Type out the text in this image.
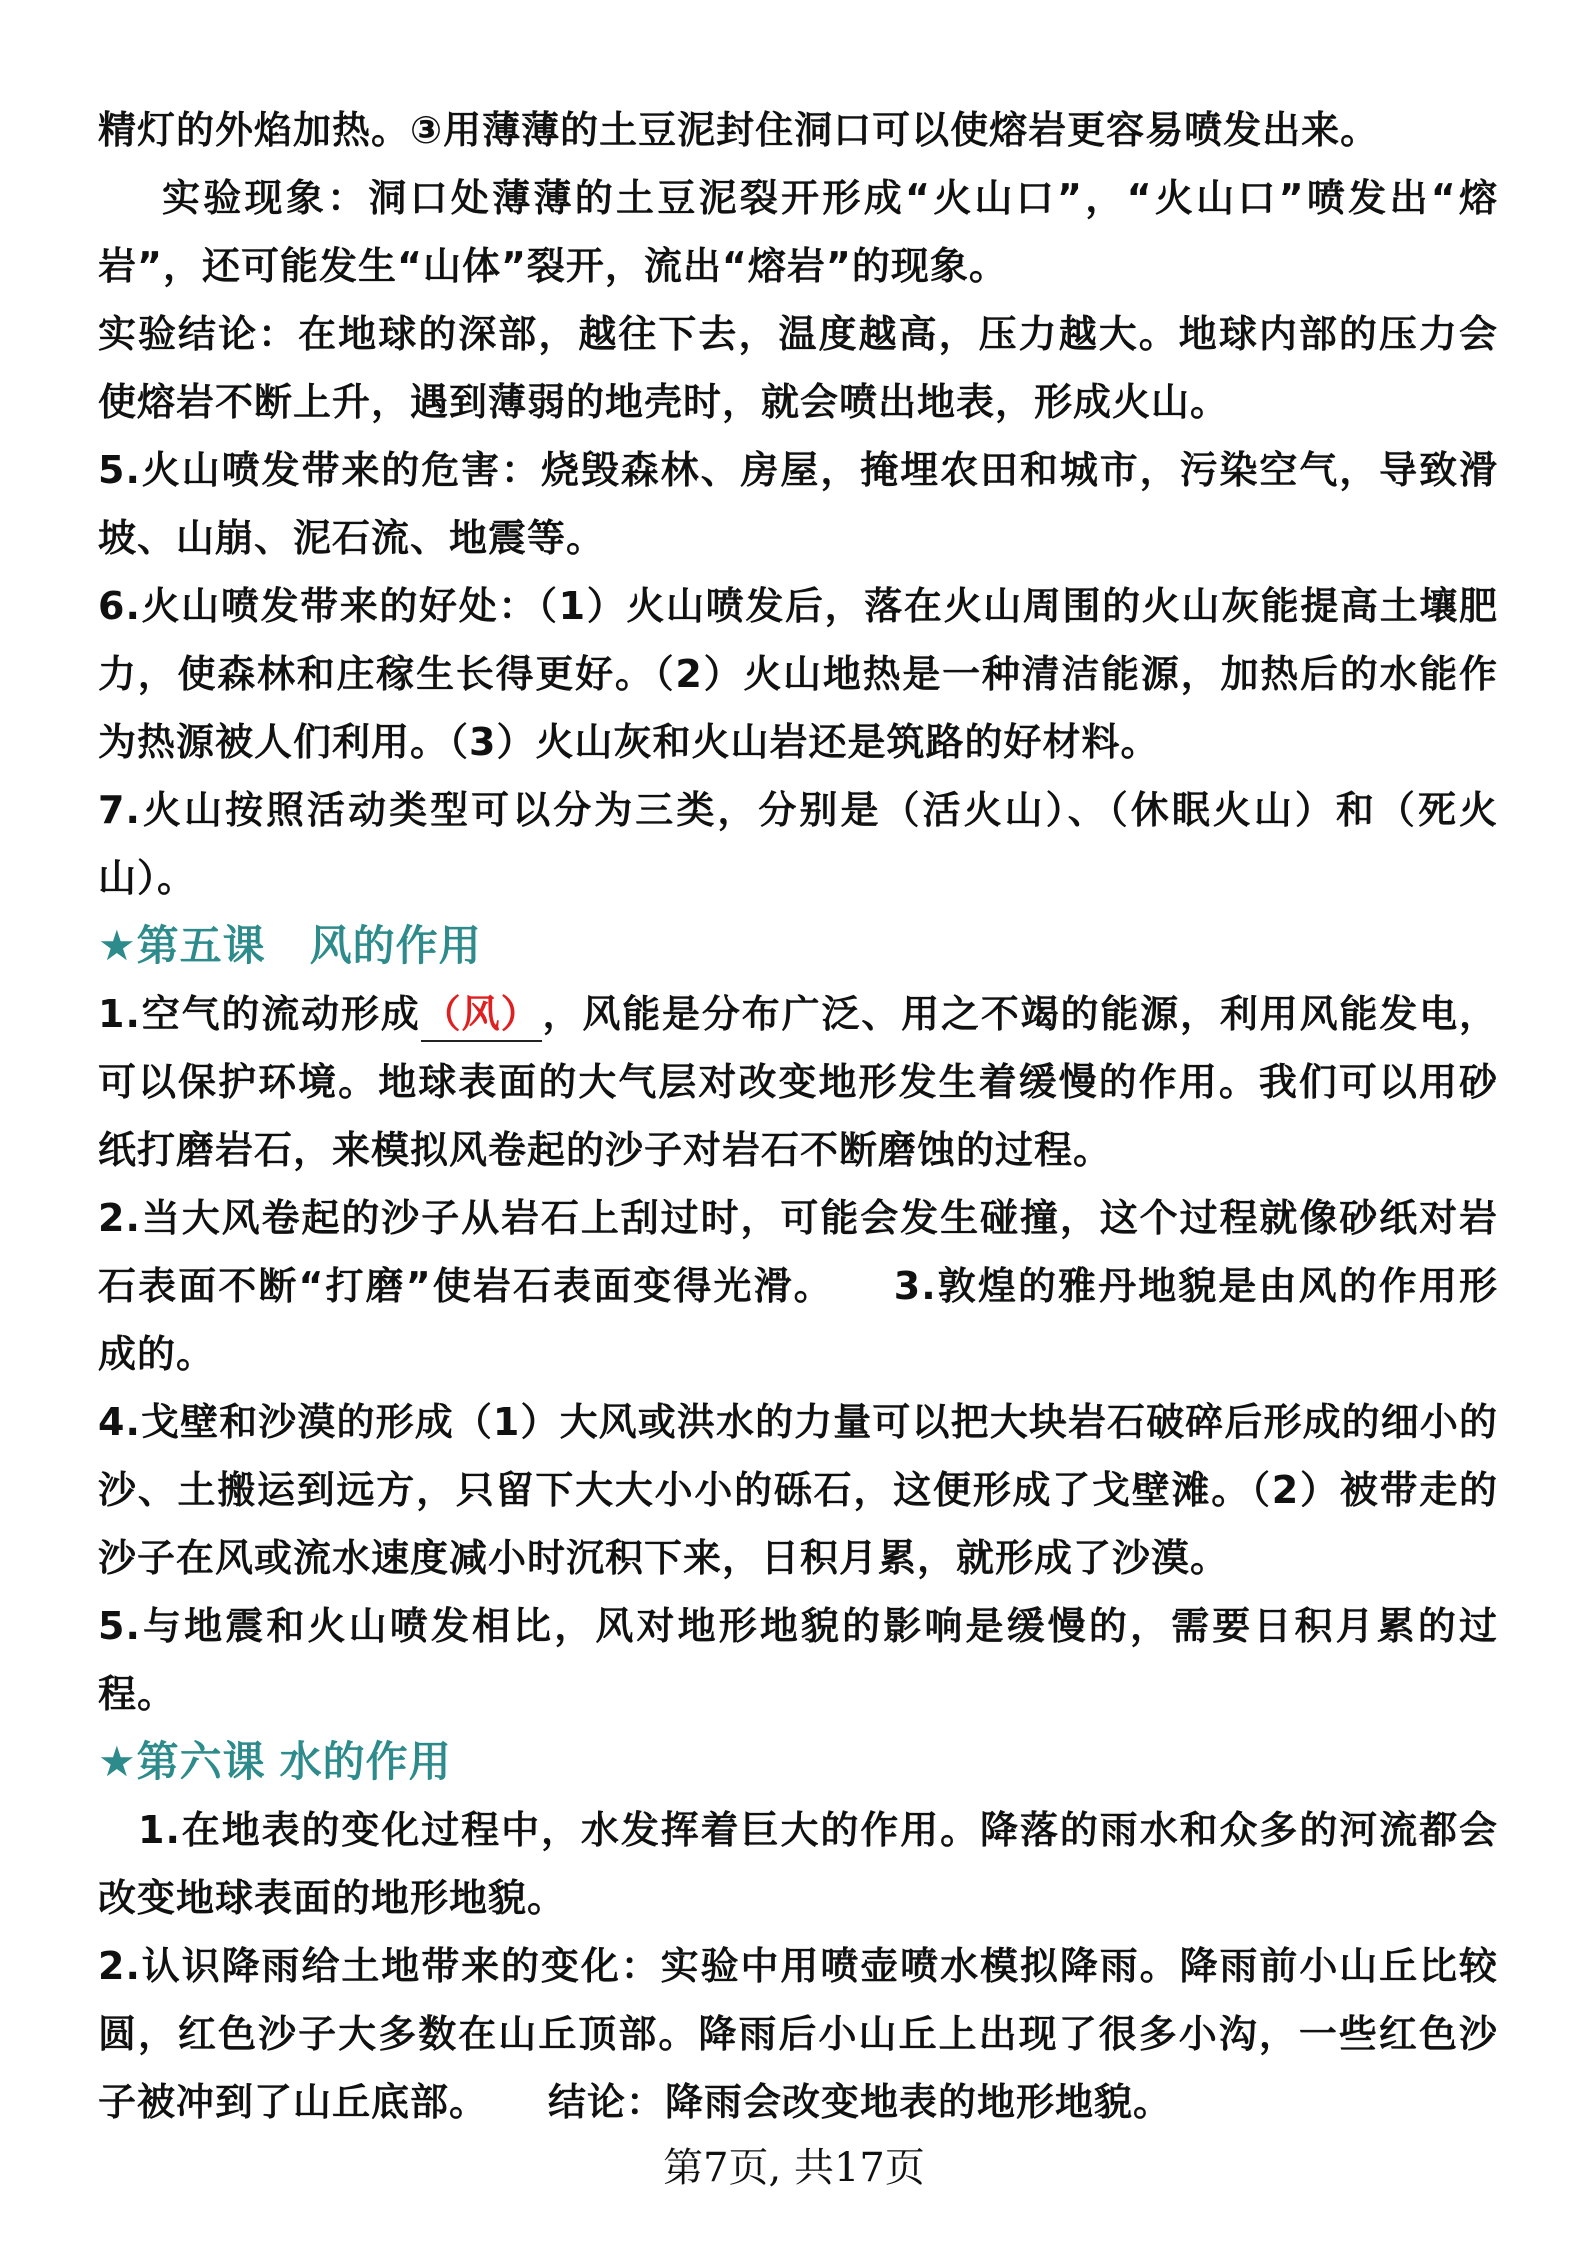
精灯的外焰加热。③用薄薄的土豆泥封住洞口可以使熔岩更容易喷发出来。

实验现象：洞口处薄薄的土豆泥裂开形成“火山口”，“火山口”喷发出“熔岩”，还可能发生“山体”裂开，流出“熔岩”的现象。

实验结论：在地球的深部，越往下去，温度越高，压力越大。地球内部的压力会使熔岩不断上升，遇到薄弱的地壳时，就会喷出地表，形成火山。

5.火山喷发带来的危害：烧毁森林、房屋，掩埋农田和城市，污染空气，导致滑坡、山崩、泥石流、地震等。

6.火山喷发带来的好处：（1）火山喷发后，落在火山周围的火山灰能提高土壤肥力，使森林和庄稼生长得更好。（2）火山地热是一种清洁能源，加热后的水能作为热源被人们利用。（3）火山灰和火山岩还是筑路的好材料。

7.火山按照活动类型可以分为三类，分别是（活火山）、（休眠火山）和（死火山）。

★第五课 风的作用

1.空气的流动形成（风），风能是分布广泛、用之不竭的能源，利用风能发电，可以保护环境。地球表面的大气层对改变地形发生着缓慢的作用。我们可以用砂纸打磨岩石，来模拟风卷起的沙子对岩石不断磨蚀的过程。

2.当大风卷起的沙子从岩石上刮过时，可能会发生碰撞，这个过程就像砂纸对岩石表面不断“打磨”使岩石表面变得光滑。 3.敦煌的雅丹地貌是由风的作用形成的。

4.戈壁和沙漠的形成（1）大风或洪水的力量可以把大块岩石破碎后形成的细小的沙、土搬运到远方，只留下大大小小的砾石，这便形成了戈壁滩。（2）被带走的沙子在风或流水速度减小时沉积下来，日积月累，就形成了沙漠。

5.与地震和火山喷发相比，风对地形地貌的影响是缓慢的，需要日积月累的过程。

★第六课 水的作用

1.在地表的变化过程中，水发挥着巨大的作用。降落的雨水和众多的河流都会改变地球表面的地形地貌。

2.认识降雨给土地带来的变化：实验中用喷壶喷水模拟降雨。降雨前小山丘比较圆，红色沙子大多数在山丘顶部。降雨后小山丘上出现了很多小沟，一些红色沙子被冲到了山丘底部。 结论：降雨会改变地表的地形地貌。

第7页, 共17页
